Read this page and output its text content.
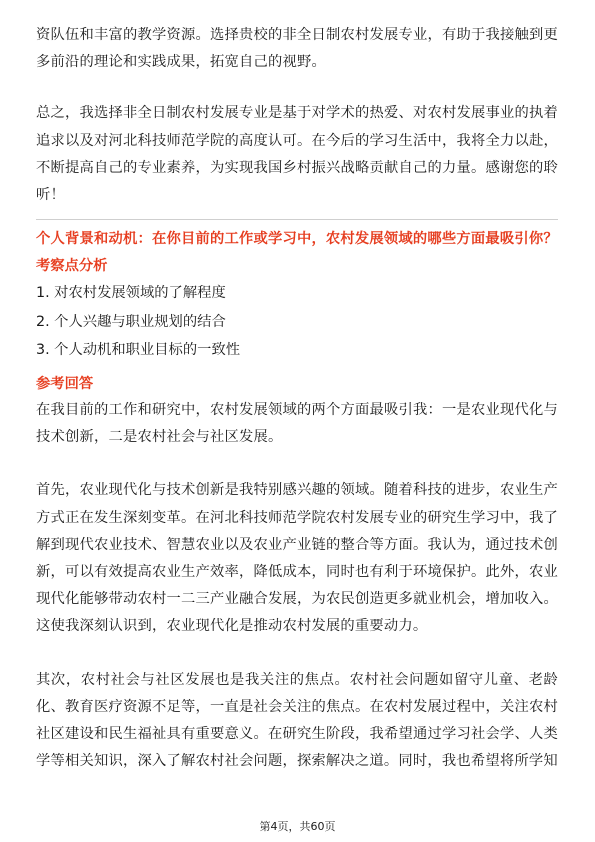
资队伍和丰富的教学资源。选择贵校的非全日制农村发展专业，有助于我接触到更多前沿的理论和实践成果，拓宽自己的视野。

总之，我选择非全日制农村发展专业是基于对学术的热爱、对农村发展事业的执着追求以及对河北科技师范学院的高度认可。在今后的学习生活中，我将全力以赴，不断提高自己的专业素养，为实现我国乡村振兴战略贡献自己的力量。感谢您的聆听！

个人背景和动机：在你目前的工作或学习中，农村发展领域的哪些方面最吸引你？

考察点分析

1. 对农村发展领域的了解程度

2. 个人兴趣与职业规划的结合

3. 个人动机和职业目标的一致性

参考回答

在我目前的工作和研究中，农村发展领域的两个方面最吸引我：一是农业现代化与技术创新，二是农村社会与社区发展。

首先，农业现代化与技术创新是我特别感兴趣的领域。随着科技的进步，农业生产方式正在发生深刻变革。在河北科技师范学院农村发展专业的研究生学习中，我了解到现代农业技术、智慧农业以及农业产业链的整合等方面。我认为，通过技术创新，可以有效提高农业生产效率，降低成本，同时也有利于环境保护。此外，农业现代化能够带动农村一二三产业融合发展，为农民创造更多就业机会，增加收入。这使我深刻认识到，农业现代化是推动农村发展的重要动力。

其次，农村社会与社区发展也是我关注的焦点。农村社会问题如留守儿童、老龄化、教育医疗资源不足等，一直是社会关注的焦点。在农村发展过程中，关注农村社区建设和民生福祉具有重要意义。在研究生阶段，我希望通过学习社会学、人类学等相关知识，深入了解农村社会问题，探索解决之道。同时，我也希望将所学知

第4页，共60页
